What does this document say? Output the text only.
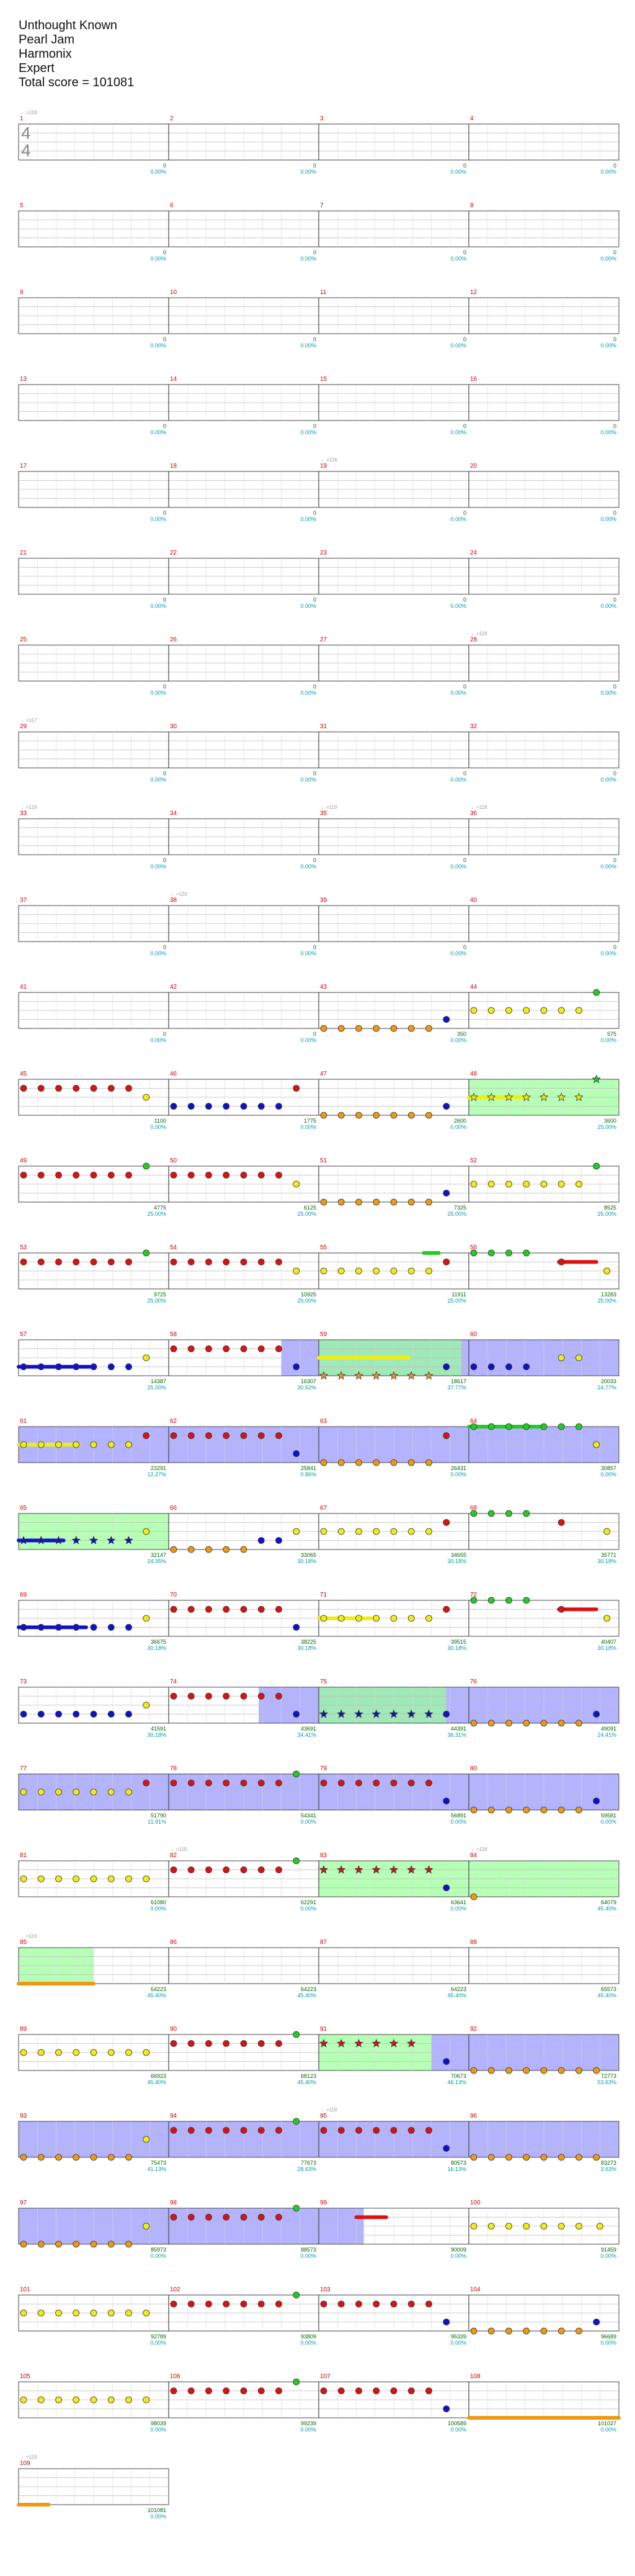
Unthought Known
Pearl Jam
Harmonix
Expert
Total score = 101081
1
♩=118
0
0.00%
2
0
0.00%
3
0
0.00%
4
0
0.00%
5
0
0.00%
6
0
0.00%
7
0
0.00%
8
0
0.00%
9
0
0.00%
10
0
0.00%
11
0
0.00%
12
0
0.00%
13
0
0.00%
14
0
0.00%
15
0
0.00%
16
0
0.00%
17
0
0.00%
18
0
0.00%
19
♩=126
0
0.00%
20
0
0.00%
21
0
0.00%
22
0
0.00%
23
0
0.00%
24
0
0.00%
25
0
0.00%
26
0
0.00%
27
0
0.00%
28
♩=118
0
0.00%
29
♩=117
0
0.00%
30
0
0.00%
31
0
0.00%
32
0
0.00%
33
♩=119
0
0.00%
34
0
0.00%
35
♩=119
0
0.00%
36
♩=118
0
0.00%
37
0
0.00%
38
♩=120
0
0.00%
39
0
0.00%
40
0
0.00%
41
0
0.00%
42
0
0.00%
43
350
0.00%
44
575
0.00%
45
1100
0.00%
46
1775
0.00%
47
2600
0.00%
48
3600
25.00%
49
4775
25.00%
50
6125
25.00%
51
7325
25.00%
52
8525
25.00%
53
9725
25.00%
54
10925
25.00%
55
11911
25.00%
56
13283
25.00%
57
14387
25.00%
58
16307
30.52%
59
18617
37.77%
60
20033
24.77%
61
23291
12.27%
62
25841
0.86%
63
26431
0.00%
64
30857
0.00%
65
32147
24.35%
66
33065
30.18%
67
34655
30.18%
68
35771
30.18%
69
36675
30.18%
70
38225
30.18%
71
39515
30.18%
72
40407
30.18%
73
41591
30.18%
74
43691
34.41%
75
44391
36.31%
76
49091
24.41%
77
51790
11.91%
78
54341
0.00%
79
56891
0.00%
80
59581
0.00%
81
61080
0.00%
82
♩=119
62291
0.00%
83
63641
0.00%
84
♩=118
64079
45.40%
85
♩=119
64223
45.40%
86
64223
45.40%
87
64223
45.40%
88
65573
45.40%
89
66923
45.40%
90
68123
45.40%
91
70673
46.13%
92
72773
53.63%
93
75473
41.13%
94
77673
28.63%
95
♩=119
80573
16.13%
96
83273
3.63%
97
85973
0.00%
98
88573
0.00%
99
90009
0.00%
100
91459
0.00%
101
92789
0.00%
102
93809
0.00%
103
95339
0.00%
104
96689
0.00%
105
98039
0.00%
106
99239
0.00%
107
100589
0.00%
108
101027
0.00%
109
♩=119
101081
0.00%
4
4
